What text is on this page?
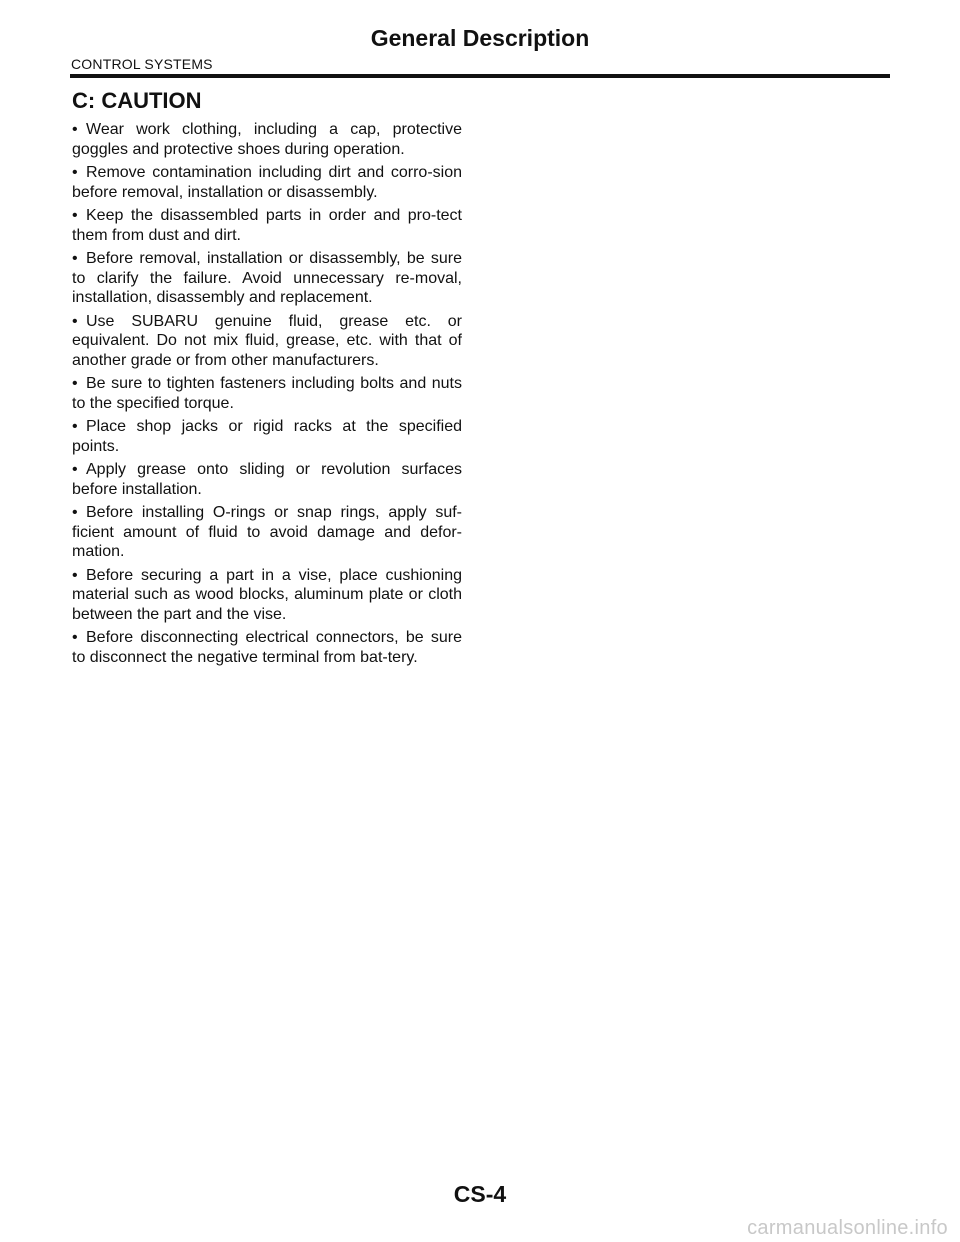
General Description
CONTROL SYSTEMS
C: CAUTION
• Wear work clothing, including a cap, protective goggles and protective shoes during operation.
• Remove contamination including dirt and corro-sion before removal, installation or disassembly.
• Keep the disassembled parts in order and pro-tect them from dust and dirt.
• Before removal, installation or disassembly, be sure to clarify the failure. Avoid unnecessary re-moval, installation, disassembly and replacement.
• Use SUBARU genuine fluid, grease etc. or equivalent. Do not mix fluid, grease, etc. with that of another grade or from other manufacturers.
• Be sure to tighten fasteners including bolts and nuts to the specified torque.
• Place shop jacks or rigid racks at the specified points.
• Apply grease onto sliding or revolution surfaces before installation.
• Before installing O-rings or snap rings, apply suf-ficient amount of fluid to avoid damage and defor-mation.
• Before securing a part in a vise, place cushioning material such as wood blocks, aluminum plate or cloth between the part and the vise.
• Before disconnecting electrical connectors, be sure to disconnect the negative terminal from bat-tery.
CS-4
carmanualsonline.info
